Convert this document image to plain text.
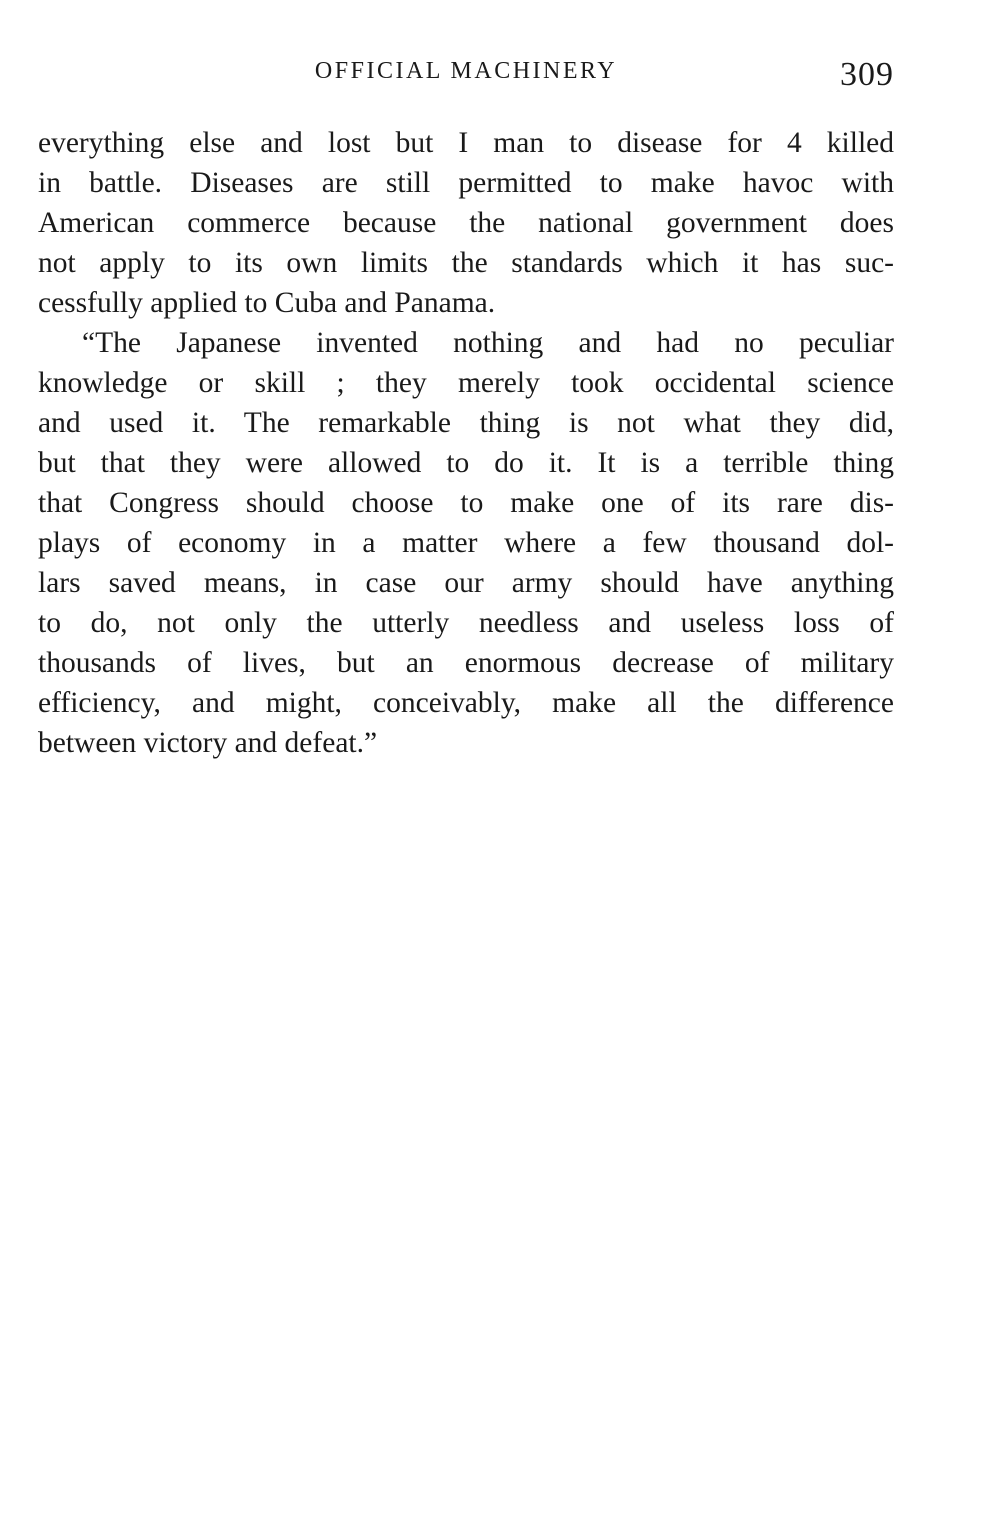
OFFICIAL MACHINERY	309
everything else and lost but I man to disease for 4 killed
in battle. Diseases are still permitted to make havoc with
American commerce because the national government does
not apply to its own limits the standards which it has suc-
cessfully applied to Cuba and Panama.
“The Japanese invented nothing and had no peculiar
knowledge or skill ; they merely took occidental science
and used it. The remarkable thing is not what they did,
but that they were allowed to do it. It is a terrible thing
that Congress should choose to make one of its rare dis-
plays of economy in a matter where a few thousand dol-
lars saved means, in case our army should have anything
to do, not only the utterly needless and useless loss of
thousands of lives, but an enormous decrease of military
efficiency, and might, conceivably, make all the difference
between victory and defeat.”
